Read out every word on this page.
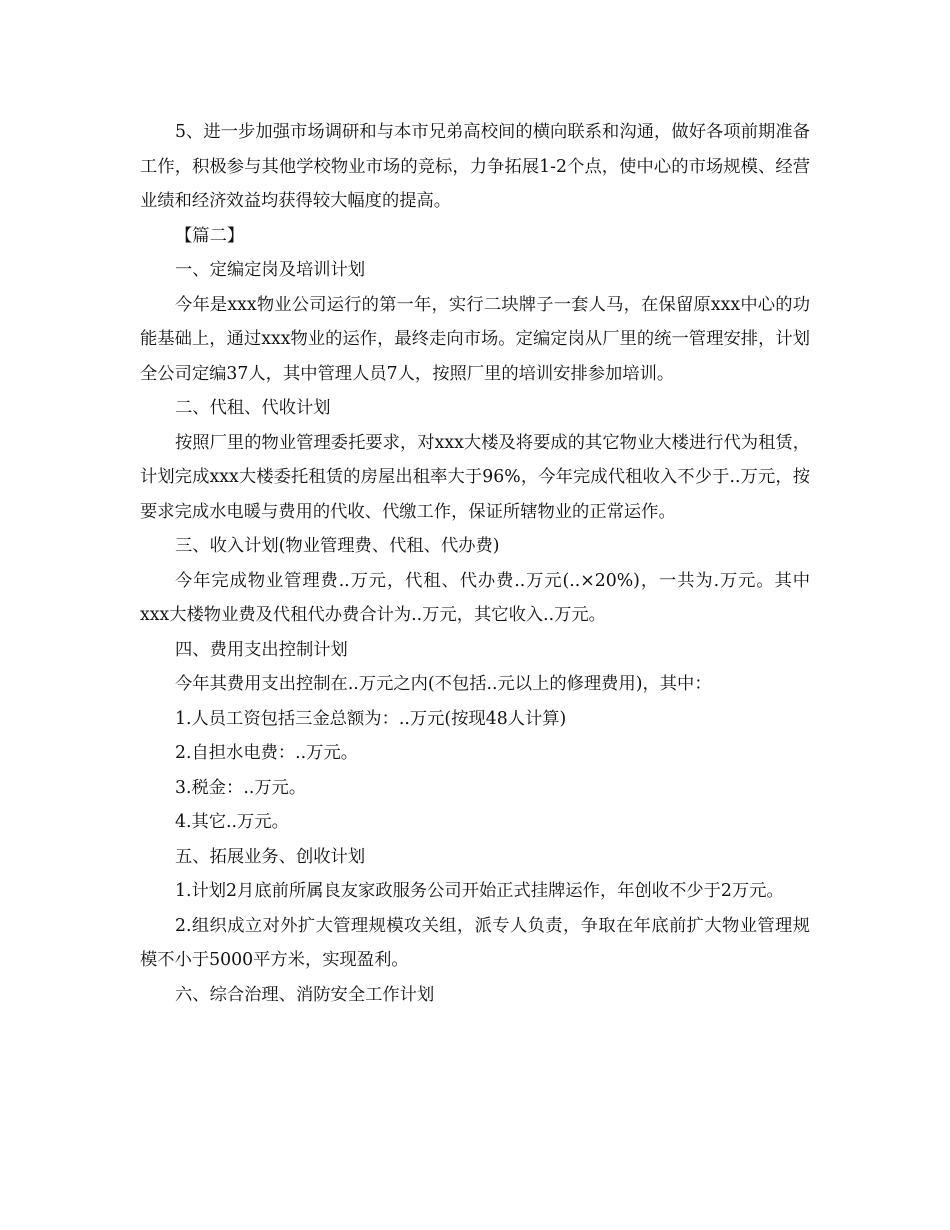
5、进一步加强市场调研和与本市兄弟高校间的横向联系和沟通，做好各项前期准备工作，积极参与其他学校物业市场的竞标，力争拓展1-2个点，使中心的市场规模、经营业绩和经济效益均获得较大幅度的提高。

【篇二】

一、定编定岗及培训计划

今年是xxx物业公司运行的第一年，实行二块牌子一套人马，在保留原xxx中心的功能基础上，通过xxx物业的运作，最终走向市场。定编定岗从厂里的统一管理安排，计划全公司定编37人，其中管理人员7人，按照厂里的培训安排参加培训。

二、代租、代收计划

按照厂里的物业管理委托要求，对xxx大楼及将要成的其它物业大楼进行代为租赁，计划完成xxx大楼委托租赁的房屋出租率大于96%，今年完成代租收入不少于..万元，按要求完成水电暖与费用的代收、代缴工作，保证所辖物业的正常运作。

三、收入计划(物业管理费、代租、代办费)

今年完成物业管理费..万元，代租、代办费..万元(..×20%)，一共为.万元。其中xxx大楼物业费及代租代办费合计为..万元，其它收入..万元。

四、费用支出控制计划

今年其费用支出控制在..万元之内(不包括..元以上的修理费用)，其中：

1.人员工资包括三金总额为：..万元(按现48人计算)

2.自担水电费：..万元。

3.税金：..万元。

4.其它..万元。

五、拓展业务、创收计划

1.计划2月底前所属良友家政服务公司开始正式挂牌运作，年创收不少于2万元。

2.组织成立对外扩大管理规模攻关组，派专人负责，争取在年底前扩大物业管理规模不小于5000平方米，实现盈利。

六、综合治理、消防安全工作计划
